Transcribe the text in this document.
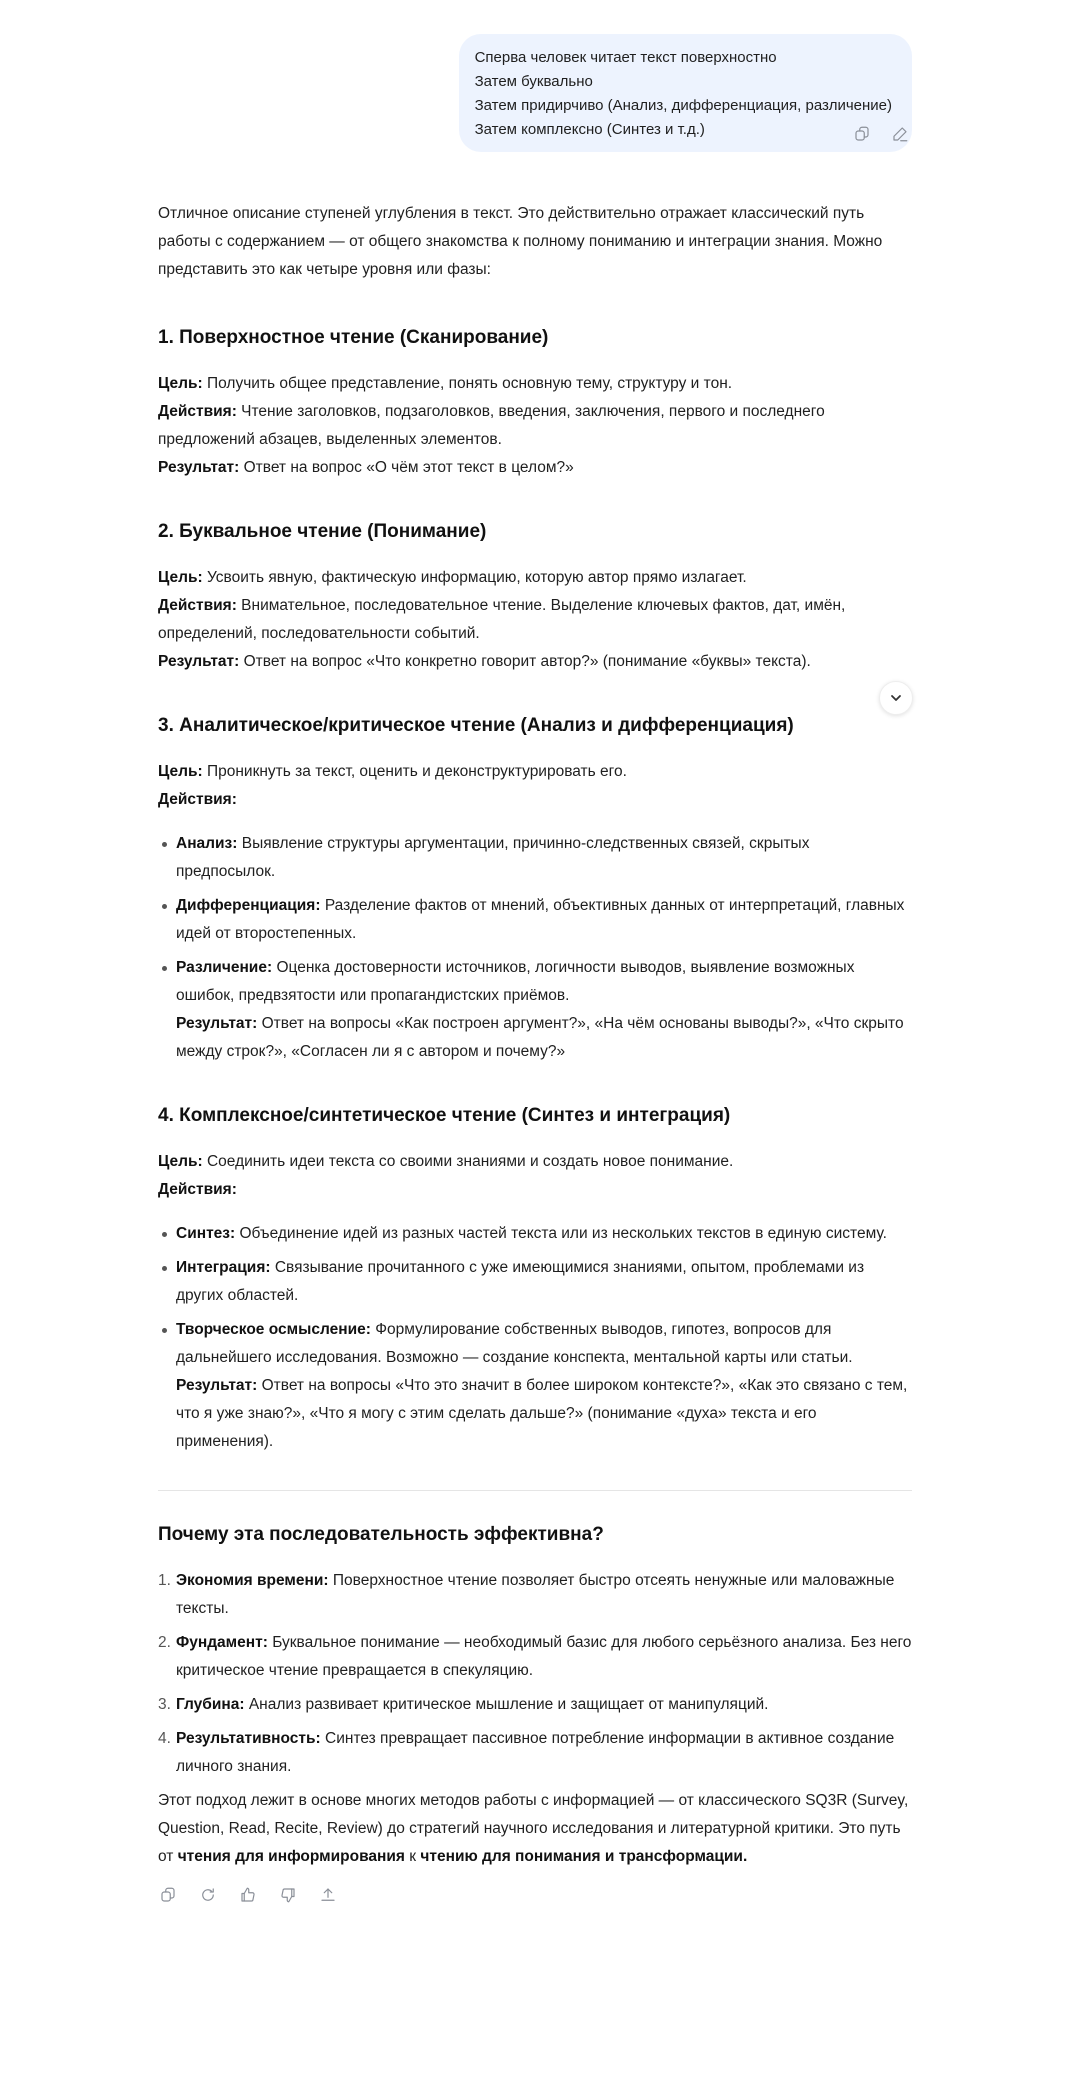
Сперва человек читает текст поверхностно
Затем буквально
Затем придирчиво (Анализ, дифференциация, различение)
Затем комплексно (Синтез и т.д.)

Отличное описание ступеней углубления в текст. Это действительно отражает классический путь работы с содержанием — от общего знакомства к полному пониманию и интеграции знания. Можно представить это как четыре уровня или фазы:

1. Поверхностное чтение (Сканирование)

Цель: Получить общее представление, понять основную тему, структуру и тон.

Действия: Чтение заголовков, подзаголовков, введения, заключения, первого и последнего предложений абзацев, выделенных элементов.

Результат: Ответ на вопрос «О чём этот текст в целом?»

2. Буквальное чтение (Понимание)

Цель: Усвоить явную, фактическую информацию, которую автор прямо излагает.

Действия: Внимательное, последовательное чтение. Выделение ключевых фактов, дат, имён, определений, последовательности событий.

Результат: Ответ на вопрос «Что конкретно говорит автор?» (понимание «буквы» текста).

3. Аналитическое/критическое чтение (Анализ и дифференциация)

Цель: Проникнуть за текст, оценить и деконструктурировать его.

Действия:

Анализ: Выявление структуры аргументации, причинно-следственных связей, скрытых предпосылок.
Дифференциация: Разделение фактов от мнений, объективных данных от интерпретаций, главных идей от второстепенных.
Различение: Оценка достоверности источников, логичности выводов, выявление возможных ошибок, предвзятости или пропагандистских приёмов.
Результат: Ответ на вопросы «Как построен аргумент?», «На чём основаны выводы?», «Что скрыто между строк?», «Согласен ли я с автором и почему?»
4. Комплексное/синтетическое чтение (Синтез и интеграция)

Цель: Соединить идеи текста со своими знаниями и создать новое понимание.

Действия:

Синтез: Объединение идей из разных частей текста или из нескольких текстов в единую систему.
Интеграция: Связывание прочитанного с уже имеющимися знаниями, опытом, проблемами из других областей.
Творческое осмысление: Формулирование собственных выводов, гипотез, вопросов для дальнейшего исследования. Возможно — создание конспекта, ментальной карты или статьи.
Результат: Ответ на вопросы «Что это значит в более широком контексте?», «Как это связано с тем, что я уже знаю?», «Что я могу с этим сделать дальше?» (понимание «духа» текста и его применения).
Почему эта последовательность эффективна?
1. Экономия времени: Поверхностное чтение позволяет быстро отсеять ненужные или маловажные тексты.
2. Фундамент: Буквальное понимание — необходимый базис для любого серьёзного анализа. Без него критическое чтение превращается в спекуляцию.
3. Глубина: Анализ развивает критическое мышление и защищает от манипуляций.
4. Результативность: Синтез превращает пассивное потребление информации в активное создание личного знания.

Этот подход лежит в основе многих методов работы с информацией — от классического SQ3R (Survey, Question, Read, Recite, Review) до стратегий научного исследования и литературной критики. Это путь от чтения для информирования к чтению для понимания и трансформации.
